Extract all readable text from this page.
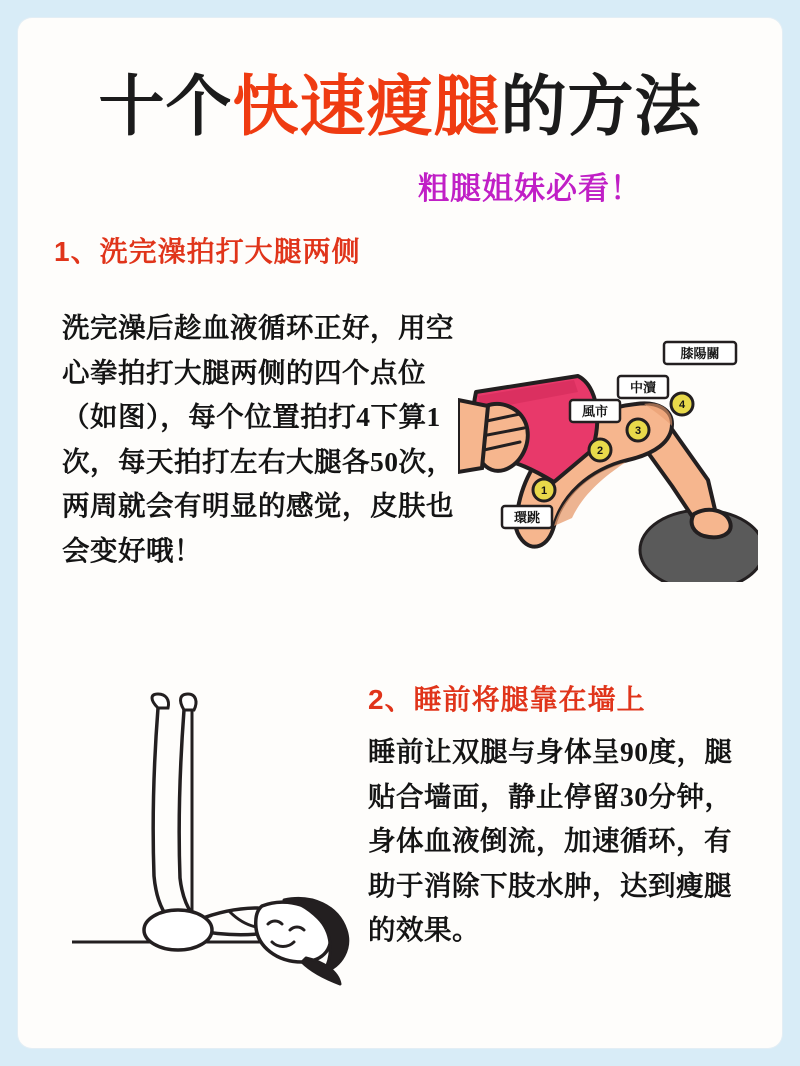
十个快速瘦腿的方法
粗腿姐妹必看！
1、洗完澡拍打大腿两侧
洗完澡后趁血液循环正好，用空心拳拍打大腿两侧的四个点位（如图），每个位置拍打4下算1次，每天拍打左右大腿各50次，两周就会有明显的感觉，皮肤也会变好哦！
1
環跳
2
風市
3
中瀆
4
膝陽關
2、睡前将腿靠在墙上
睡前让双腿与身体呈90度，腿贴合墙面，静止停留30分钟，身体血液倒流，加速循环，有助于消除下肢水肿，达到瘦腿的效果。
